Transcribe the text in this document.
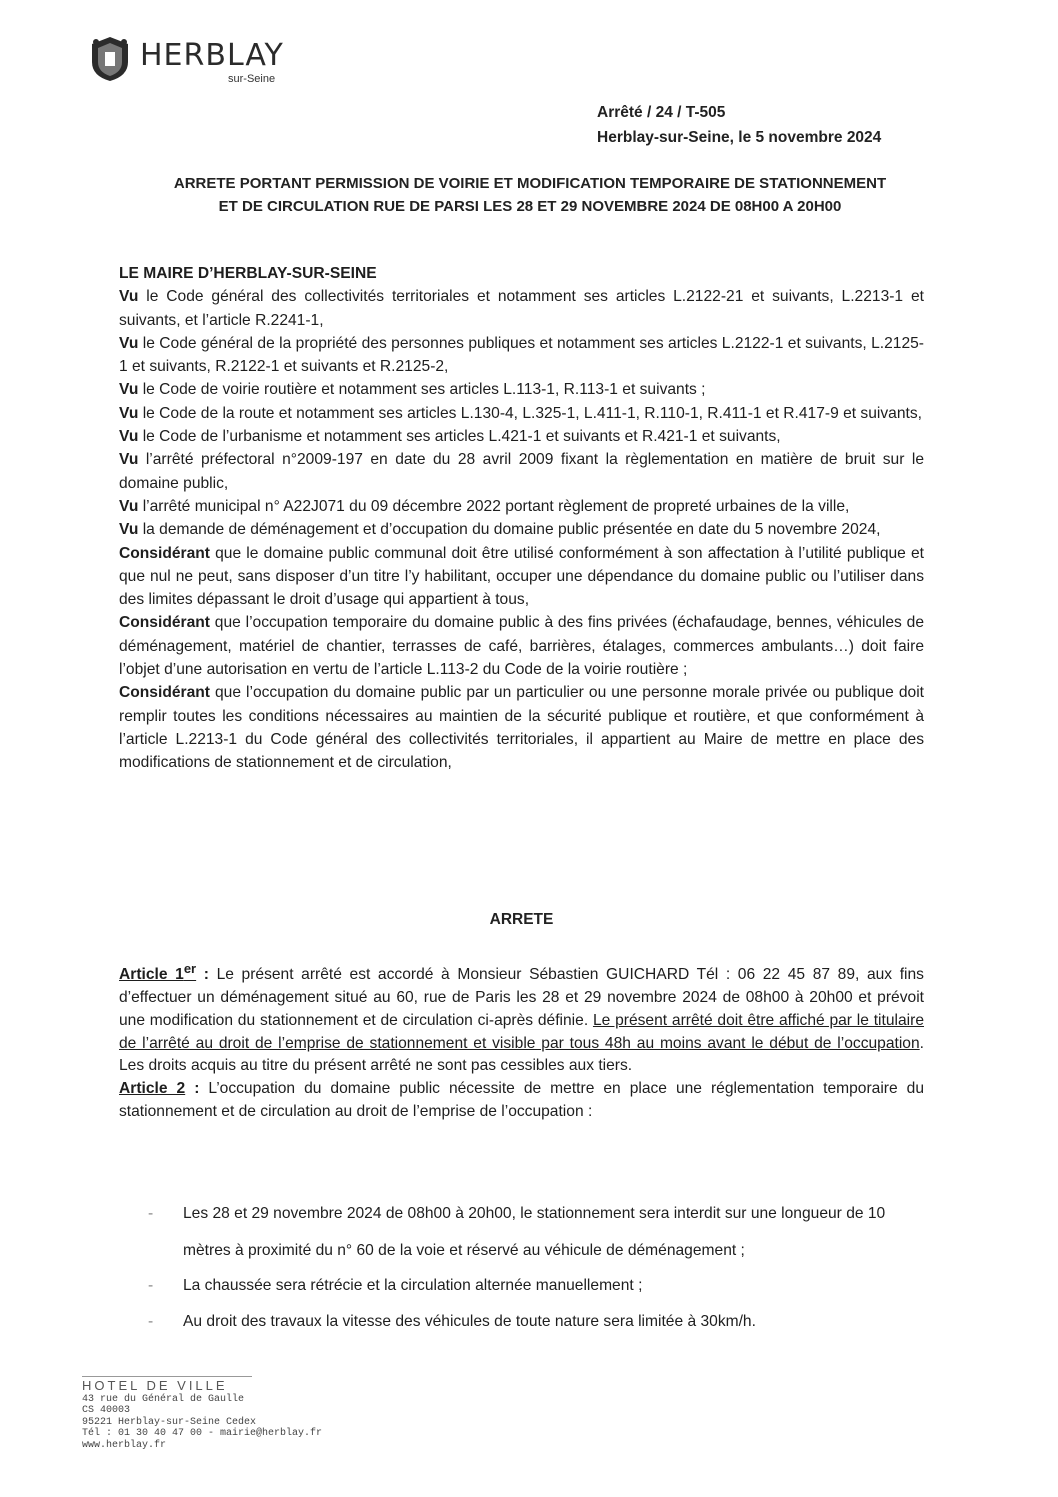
HERBLAY
sur-Seine
Arrêté / 24 / T-505
Herblay-sur-Seine, le 5 novembre 2024
ARRETE PORTANT PERMISSION DE VOIRIE ET MODIFICATION TEMPORAIRE DE STATIONNEMENT
ET DE CIRCULATION RUE DE PARSI LES 28 ET 29 NOVEMBRE 2024 DE 08H00 A 20H00

LE MAIRE D’HERBLAY-SUR-SEINE

Vu le Code général des collectivités territoriales et notamment ses articles L.2122-21 et suivants, L.2213-1 et suivants, et l’article R.2241-1,

Vu le Code général de la propriété des personnes publiques et notamment ses articles L.2122-1 et suivants, L.2125-1 et suivants, R.2122-1 et suivants et R.2125-2,

Vu le Code de voirie routière et notamment ses articles L.113-1, R.113-1 et suivants ;

Vu le Code de la route et notamment ses articles L.130-4, L.325-1, L.411-1, R.110-1, R.411-1 et R.417-9 et suivants,

Vu le Code de l’urbanisme et notamment ses articles L.421-1 et suivants et R.421-1 et suivants,

Vu l’arrêté préfectoral n°2009-197 en date du 28 avril 2009 fixant la règlementation en matière de bruit sur le domaine public,

Vu l’arrêté municipal n° A22J071 du 09 décembre 2022 portant règlement de propreté urbaines de la ville,

Vu la demande de déménagement et d’occupation du domaine public présentée en date du 5 novembre 2024,

Considérant que le domaine public communal doit être utilisé conformément à son affectation à l’utilité publique et que nul ne peut, sans disposer d’un titre l’y habilitant, occuper une dépendance du domaine public ou l’utiliser dans des limites dépassant le droit d’usage qui appartient à tous,

Considérant que l’occupation temporaire du domaine public à des fins privées (échafaudage, bennes, véhicules de déménagement, matériel de chantier, terrasses de café, barrières, étalages, commerces ambulants…) doit faire l’objet d’une autorisation en vertu de l’article L.113-2 du Code de la voirie routière ;

Considérant que l’occupation du domaine public par un particulier ou une personne morale privée ou publique doit remplir toutes les conditions nécessaires au maintien de la sécurité publique et routière, et que conformément à l’article L.2213-1 du Code général des collectivités territoriales, il appartient au Maire de mettre en place des modifications de stationnement et de circulation,

ARRETE

Article 1er : Le présent arrêté est accordé à Monsieur Sébastien GUICHARD Tél : 06 22 45 87 89, aux fins d’effectuer un déménagement situé au 60, rue de Paris les 28 et 29 novembre 2024 de 08h00 à 20h00 et prévoit une modification du stationnement et de circulation ci-après définie. Le présent arrêté doit être affiché par le titulaire de l’arrêté au droit de l’emprise de stationnement et visible par tous 48h au moins avant le début de l’occupation. Les droits acquis au titre du présent arrêté ne sont pas cessibles aux tiers.

Article 2 : L’occupation du domaine public nécessite de mettre en place une réglementation temporaire du stationnement et de circulation au droit de l’emprise de l’occupation :

- Les 28 et 29 novembre 2024 de 08h00 à 20h00, le stationnement sera interdit sur une longueur de 10 mètres à proximité du n° 60 de la voie et réservé au véhicule de déménagement ;
- La chaussée sera rétrécie et la circulation alternée manuellement ;
- Au droit des travaux la vitesse des véhicules de toute nature sera limitée à 30km/h.
HOTEL DE VILLE
43 rue du Général de Gaulle
CS 40003
95221 Herblay-sur-Seine Cedex
Tél : 01 30 40 47 00 - mairie@herblay.fr
www.herblay.fr
